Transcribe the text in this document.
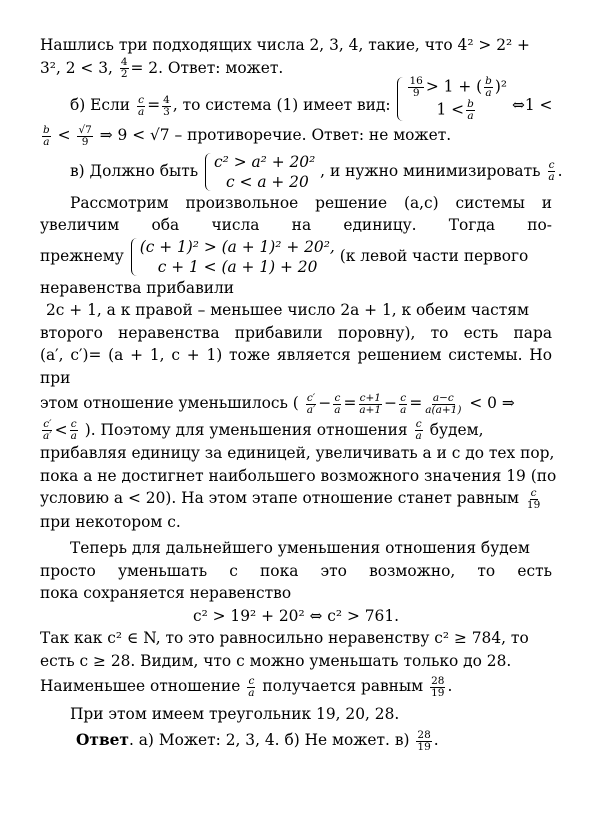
Нашлись три подходящих числа 2, 3, 4, такие, что 4² > 2² +
3², 2 < 3, $\frac{4}{2} = 2$. Ответ: может.
б) Если $\frac{c}{a} = \frac{4}{3}$ , то система (1) имеет вид:
$\frac{16}{9} > 1$ + ( $\frac{b}{a} )^2$
$1 < \frac{b}{a}$ ⇔1 <
$\frac{b}{a} < \frac{√7}{9}$ ⇒ 9 < √7 – противоречие. Ответ: не может.
в) Должно быть c² > a² + 20²
c < a + 20
, и нужно минимизировать $\frac{c}{a}$ .
Рассмотрим произвольное решение (a,c) системы и
увеличим оба числа на единицу. Тогда по-
прежнему (c + 1)² > (a + 1)² + 20²,
c + 1 < (a + 1) + 20
(к левой части первого
неравенства прибавили
2c + 1, а к правой – меньшее число 2a + 1, к обеим частям
второго неравенства прибавили поровну), то есть пара
(a′, c′)= (a + 1, c + 1) тоже является решением системы. Но при
этом отношение уменьшилось ( $\frac{c'}{a'} - \frac{c}{a} = \frac{c+1}{a+1} - \frac{c}{a} = \frac{a-c}{a(a+1)} < 0$ ⇒
$\frac{c'}{a'} < \frac{c}{a}$ ). Поэтому для уменьшения отношения $\frac{c}{a}$ будем,
прибавляя единицу за единицей, увеличивать a и c до тех пор,
пока a не достигнет наибольшего возможного значения 19 (по
условию a < 20). На этом этапе отношение станет равным $\frac{c}{19}$
при некотором c.
Теперь для дальнейшего уменьшения отношения будем
просто уменьшать c пока это возможно, то есть
пока сохраняется неравенство
c² > 19² + 20² ⇔ c² > 761.
Так как c² ∈ N, то это равносильно неравенству c² ≥ 784, то
есть c ≥ 28. Видим, что c можно уменьшать только до 28.
Наименьшее отношение $\frac{c}{a}$ получается равным $\frac{28}{19}$ .
При этом имеем треугольник 19, 20, 28.
Ответ. а) Может: 2, 3, 4. б) Не может. $в) \frac{28}{19}$ .
